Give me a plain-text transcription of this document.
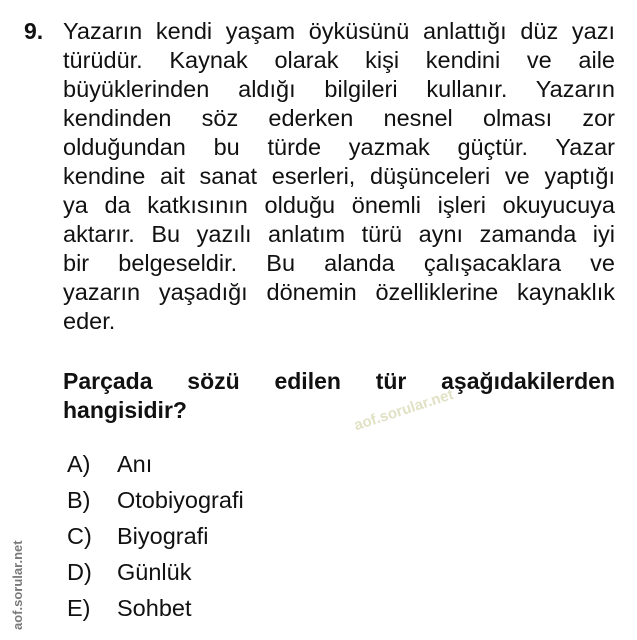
9. Yazarın kendi yaşam öyküsünü anlattığı düz yazı
türüdür. Kaynak olarak kişi kendini ve aile
büyüklerinden aldığı bilgileri kullanır. Yazarın
kendinden söz ederken nesnel olması zor
olduğundan bu türde yazmak güçtür. Yazar
kendine ait sanat eserleri, düşünceleri ve yaptığı
ya da katkısının olduğu önemli işleri okuyucuya
aktarır. Bu yazılı anlatım türü aynı zamanda iyi
bir belgeseldir. Bu alanda çalışacaklara ve
yazarın yaşadığı dönemin özelliklerine kaynaklık
eder.
Parçada sözü edilen tür aşağıdakilerden
hangisidir?	aof.sorular.net
A)	Anı
B)	Otobiyografi
C)	Biyografi
D)	Günlük
E)	Sohbet
aof.sorular.net
